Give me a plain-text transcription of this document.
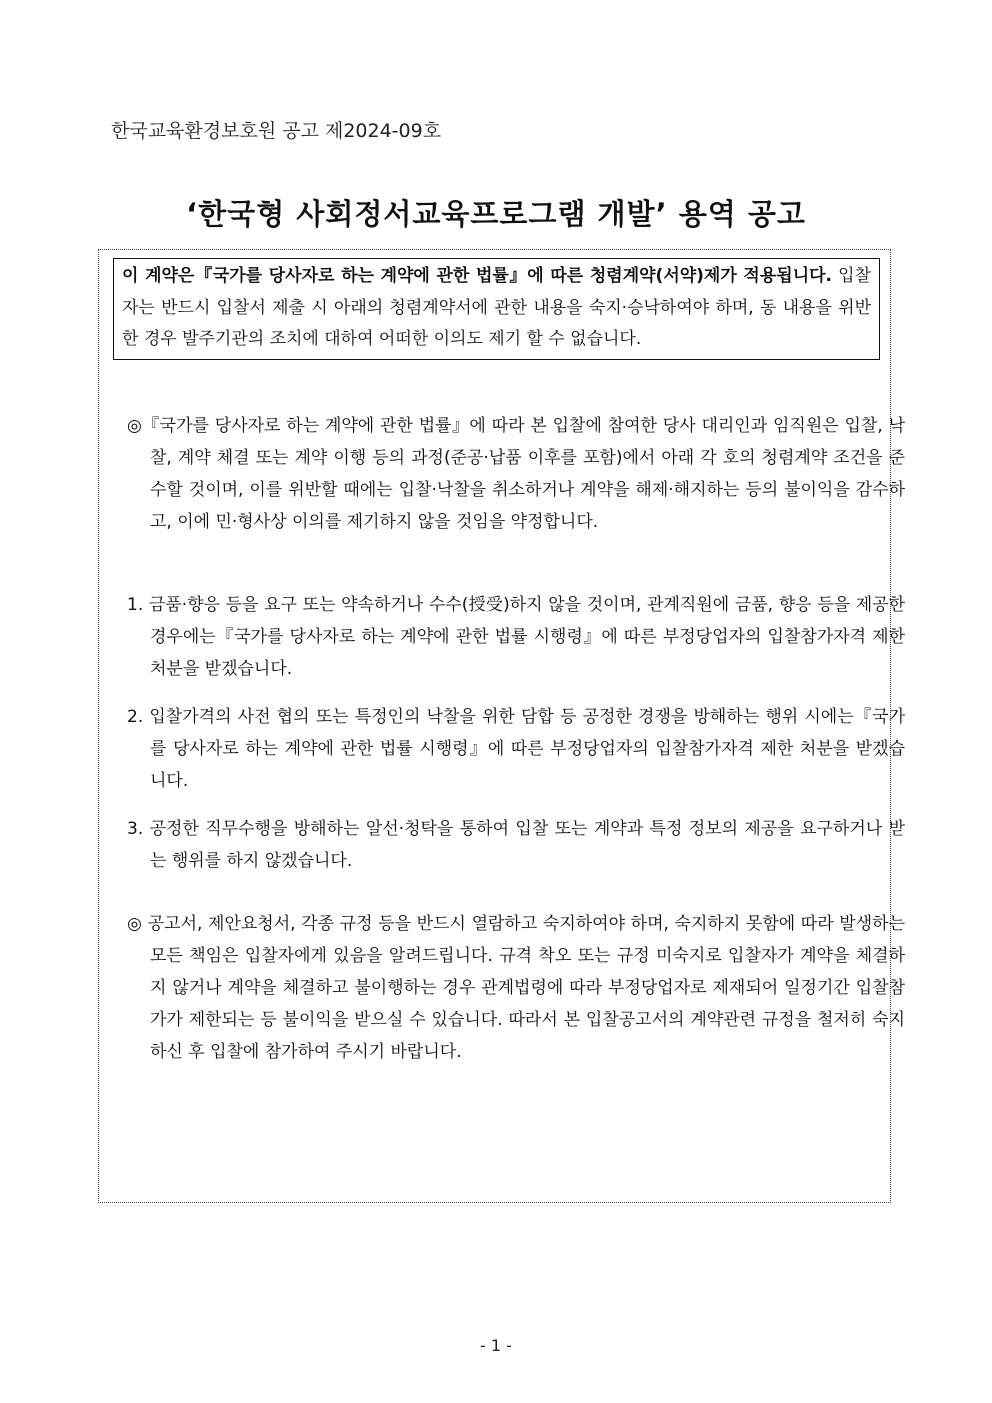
한국교육환경보호원 공고 제2024-09호
‘한국형 사회정서교육프로그램 개발’ 용역 공고
이 계약은『국가를 당사자로 하는 계약에 관한 법률』에 따른 청렴계약(서약)제가 적용됩니다. 입찰자는 반드시 입찰서 제출 시 아래의 청렴계약서에 관한 내용을 숙지·승낙하여야 하며, 동 내용을 위반한 경우 발주기관의 조치에 대하여 어떠한 이의도 제기 할 수 없습니다.
◎『국가를 당사자로 하는 계약에 관한 법률』에 따라 본 입찰에 참여한 당사 대리인과 임직원은 입찰, 낙찰, 계약 체결 또는 계약 이행 등의 과정(준공·납품 이후를 포함)에서 아래 각 호의 청렴계약 조건을 준수할 것이며, 이를 위반할 때에는 입찰·낙찰을 취소하거나 계약을 해제·해지하는 등의 불이익을 감수하고, 이에 민·형사상 이의를 제기하지 않을 것임을 약정합니다.
1. 금품·향응 등을 요구 또는 약속하거나 수수(授受)하지 않을 것이며, 관계직원에 금품, 향응 등을 제공한 경우에는『국가를 당사자로 하는 계약에 관한 법률 시행령』에 따른 부정당업자의 입찰참가자격 제한 처분을 받겠습니다.
2. 입찰가격의 사전 협의 또는 특정인의 낙찰을 위한 담합 등 공정한 경쟁을 방해하는 행위 시에는『국가를 당사자로 하는 계약에 관한 법률 시행령』에 따른 부정당업자의 입찰참가자격 제한 처분을 받겠습니다.
3. 공정한 직무수행을 방해하는 알선·청탁을 통하여 입찰 또는 계약과 특정 정보의 제공을 요구하거나 받는 행위를 하지 않겠습니다.
◎ 공고서, 제안요청서, 각종 규정 등을 반드시 열람하고 숙지하여야 하며, 숙지하지 못함에 따라 발생하는 모든 책임은 입찰자에게 있음을 알려드립니다. 규격 착오 또는 규정 미숙지로 입찰자가 계약을 체결하지 않거나 계약을 체결하고 불이행하는 경우 관계법령에 따라 부정당업자로 제재되어 일정기간 입찰참가가 제한되는 등 불이익을 받으실 수 있습니다. 따라서 본 입찰공고서의 계약관련 규정을 철저히 숙지하신 후 입찰에 참가하여 주시기 바랍니다.
- 1 -
